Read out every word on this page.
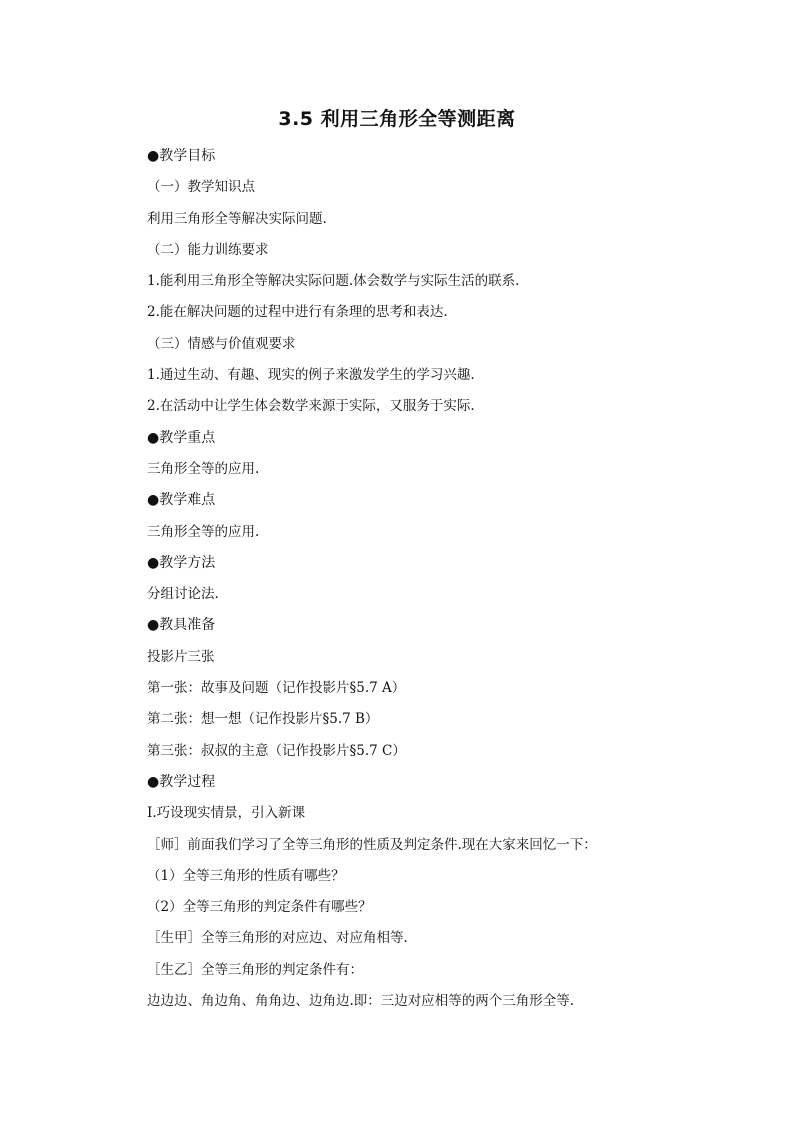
3.5 利用三角形全等测距离
●教学目标
（一）教学知识点
利用三角形全等解决实际问题.
（二）能力训练要求
1.能利用三角形全等解决实际问题.体会数学与实际生活的联系.
2.能在解决问题的过程中进行有条理的思考和表达.
（三）情感与价值观要求
1.通过生动、有趣、现实的例子来激发学生的学习兴趣.
2.在活动中让学生体会数学来源于实际，又服务于实际.
●教学重点
三角形全等的应用.
●教学难点
三角形全等的应用.
●教学方法
分组讨论法.
●教具准备
投影片三张
第一张：故事及问题（记作投影片§5.7 A）
第二张：想一想（记作投影片§5.7 B）
第三张：叔叔的主意（记作投影片§5.7 C）
●教学过程
Ⅰ.巧设现实情景，引入新课
［师］前面我们学习了全等三角形的性质及判定条件.现在大家来回忆一下：
（1）全等三角形的性质有哪些？
（2）全等三角形的判定条件有哪些？
［生甲］全等三角形的对应边、对应角相等.
［生乙］全等三角形的判定条件有：
边边边、角边角、角角边、边角边.即：三边对应相等的两个三角形全等.
